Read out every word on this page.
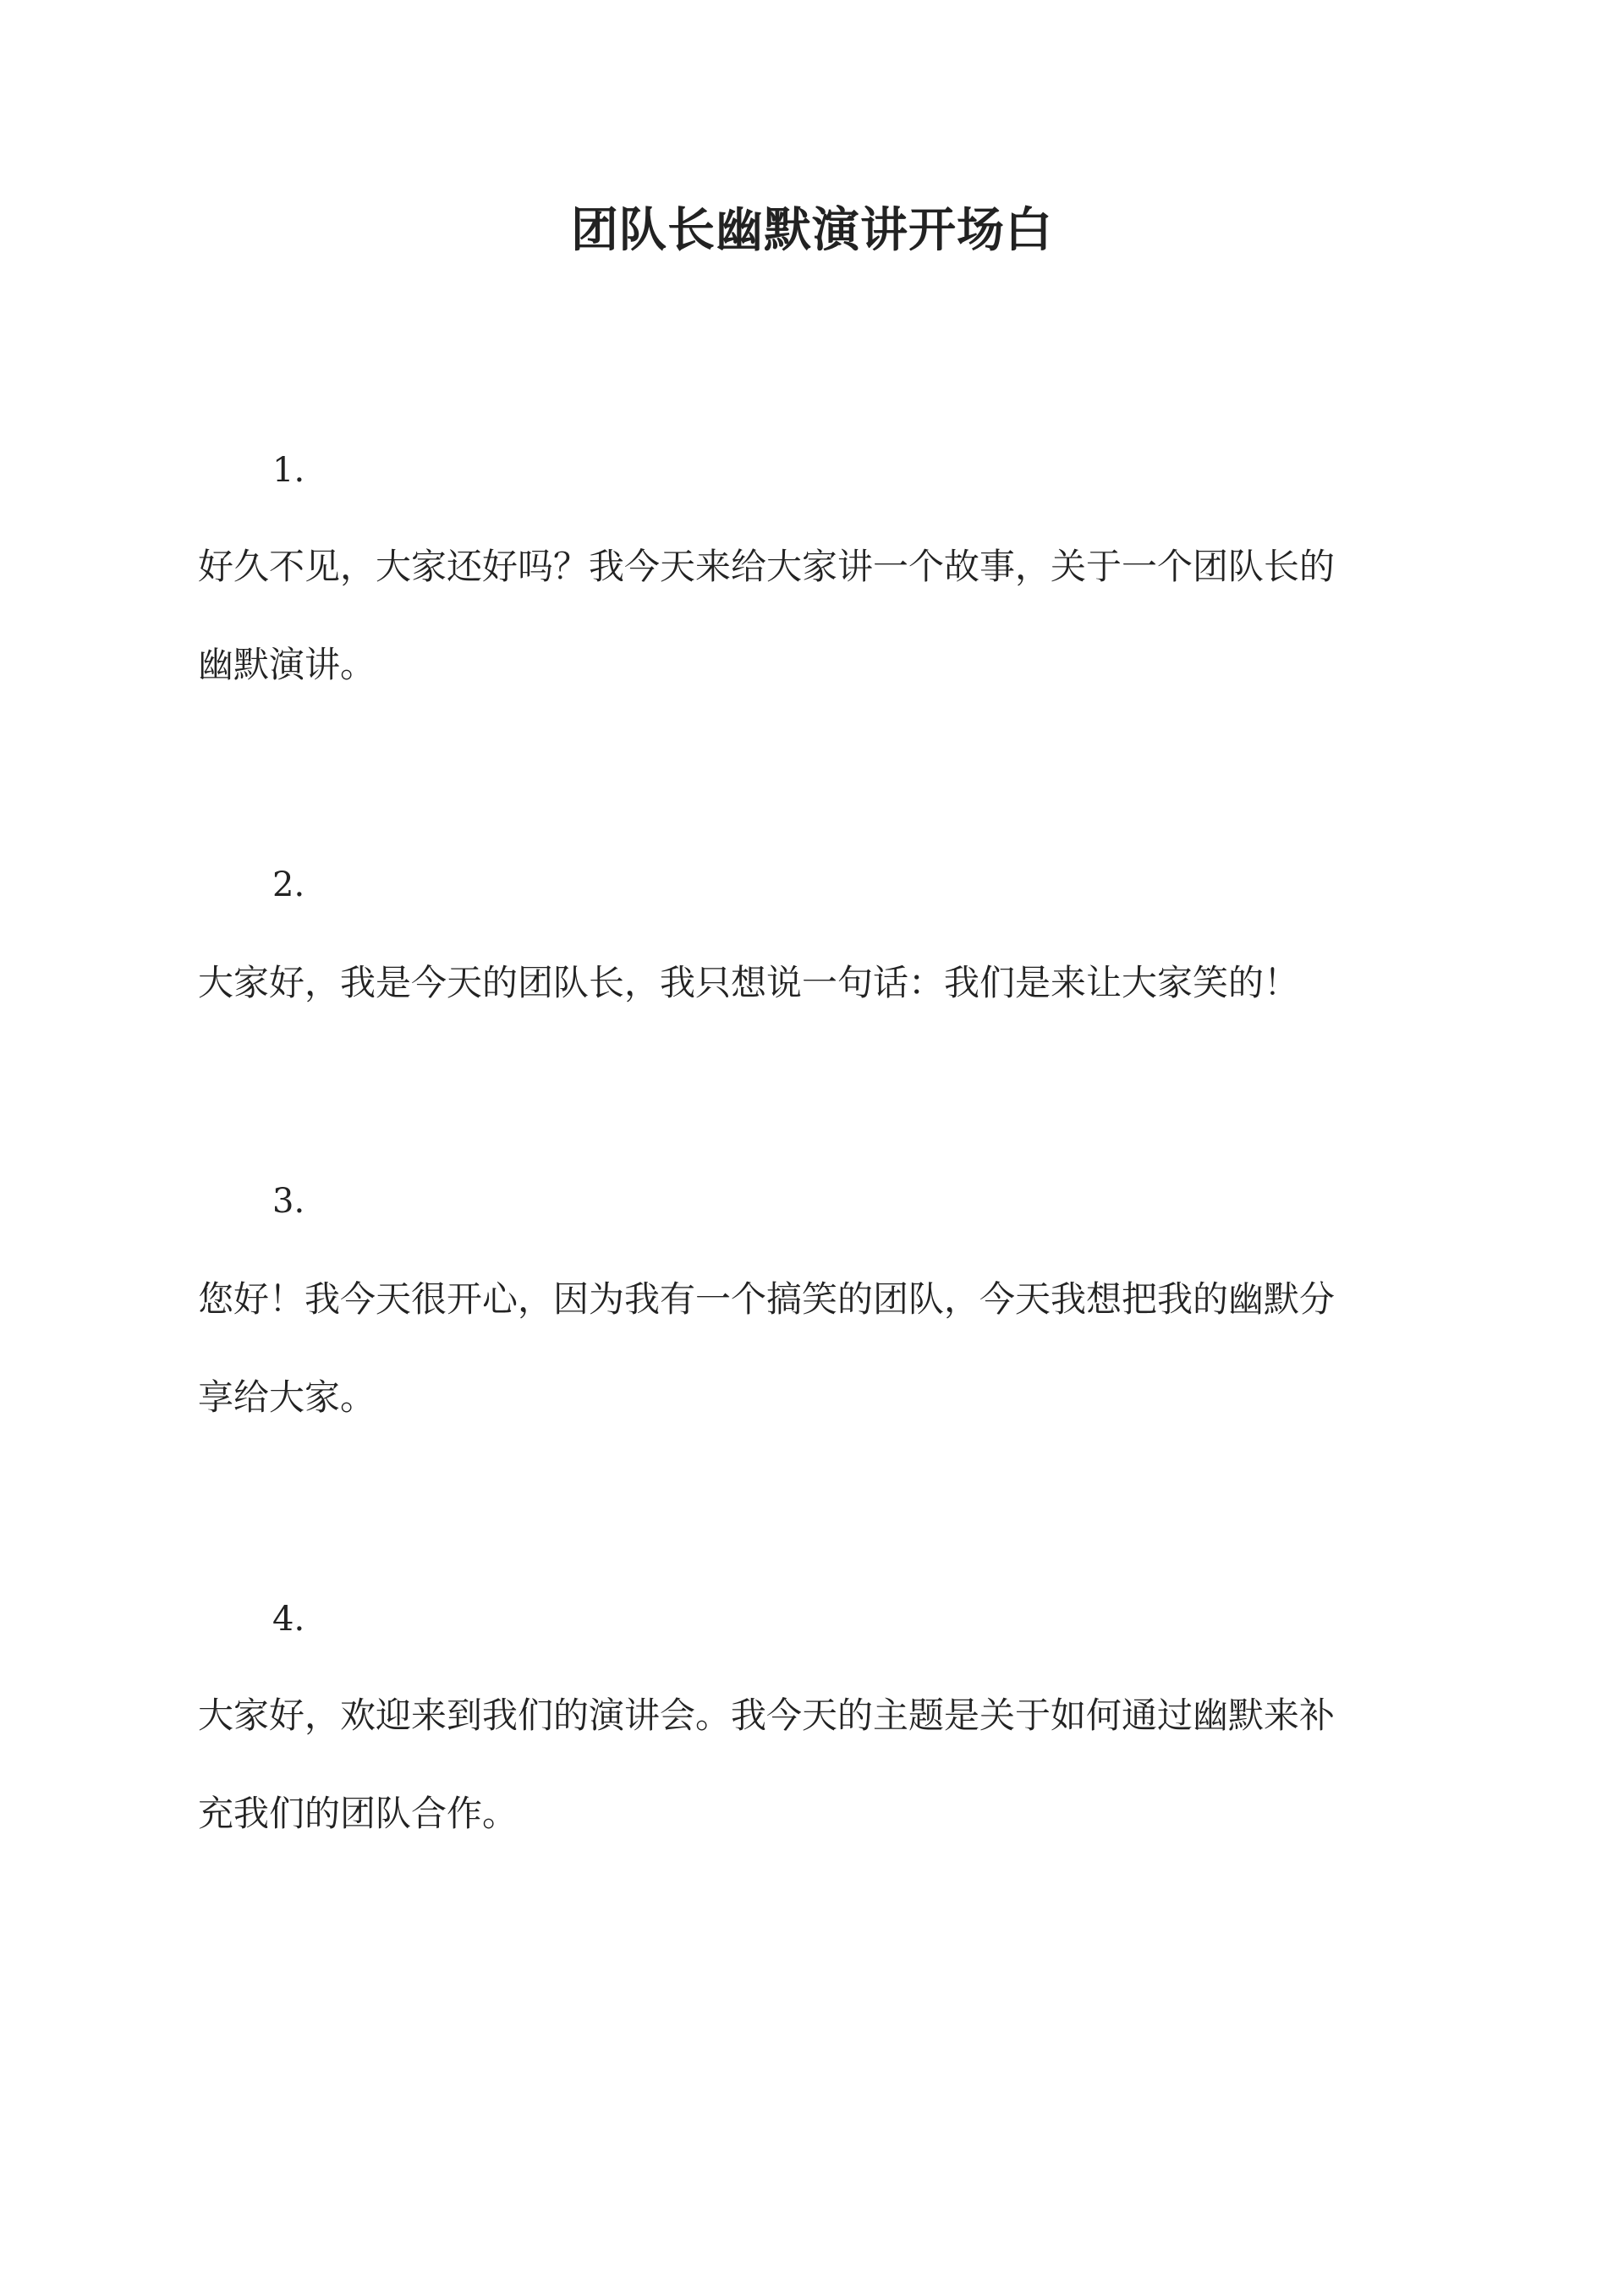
团队长幽默演讲开场白

1.

好久不见，大家还好吗？我今天来给大家讲一个故事，关于一个团队长的
幽默演讲。

2.

大家好，我是今天的团队长，我只想说一句话：我们是来让大家笑的！

3.

您好！我今天很开心，因为我有一个搞笑的团队，今天我想把我的幽默分
享给大家。

4.

大家好，欢迎来到我们的演讲会。我今天的主题是关于如何通过幽默来补
充我们的团队合作。
